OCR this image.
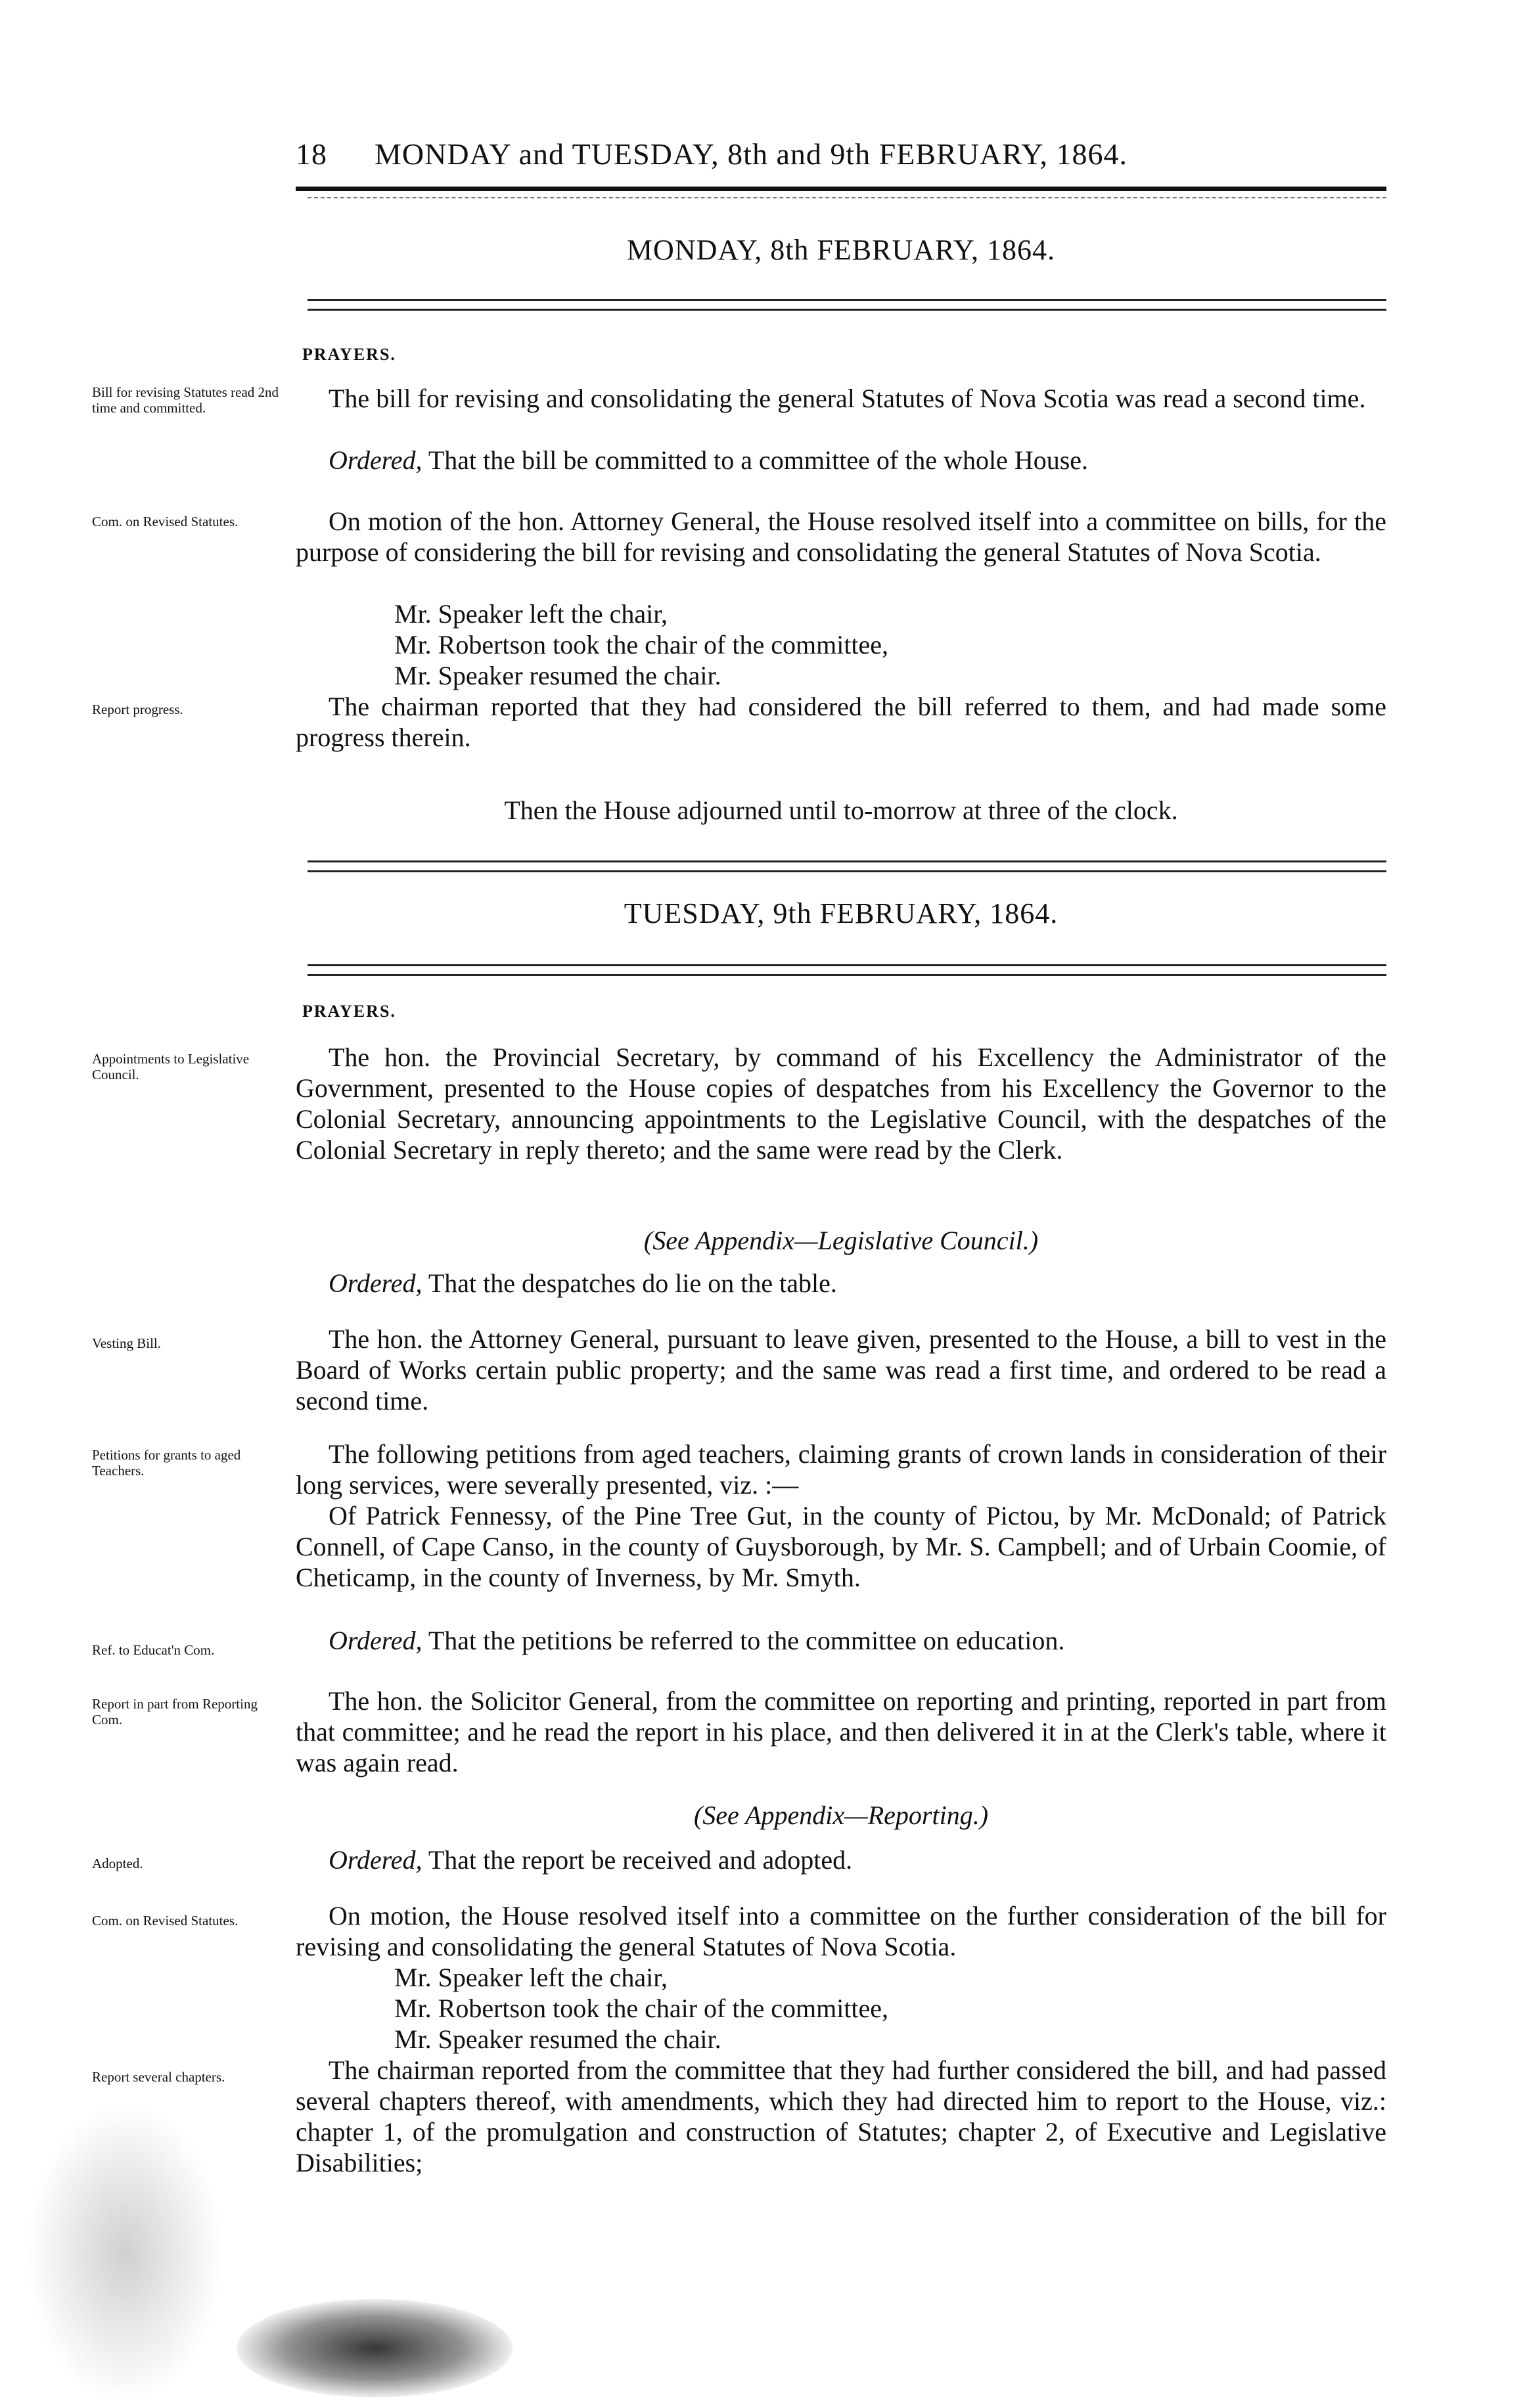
18 MONDAY and TUESDAY, 8th and 9th FEBRUARY, 1864.
MONDAY, 8th FEBRUARY, 1864.
PRAYERS.
Bill for revising Statutes read 2nd time and committed.	The bill for revising and consolidating the general Statutes of Nova Scotia was read a second time.
Ordered, That the bill be committed to a committee of the whole House.
Com. on Revised Statutes.	On motion of the hon. Attorney General, the House resolved itself into a committee on bills, for the purpose of considering the bill for revising and consolidating the general Statutes of Nova Scotia.
Mr. Speaker left the chair,
Mr. Robertson took the chair of the committee,
Mr. Speaker resumed the chair.
Report progress.	The chairman reported that they had considered the bill referred to them, and had made some progress therein.
Then the House adjourned until to-morrow at three of the clock.
TUESDAY, 9th FEBRUARY, 1864.
PRAYERS.
Appointments to Legislative Council.
The hon. the Provincial Secretary, by command of his Excellency the Administrator of the Government, presented to the House copies of despatches from his Excellency the Governor to the Colonial Secretary, announcing appointments to the Legislative Council, with the despatches of the Colonial Secretary in reply thereto; and the same were read by the Clerk.
(See Appendix—Legislative Council.)
Ordered, That the despatches do lie on the table.
Vesting Bill.	The hon. the Attorney General, pursuant to leave given, presented to the House, a bill to vest in the Board of Works certain public property; and the same was read a first time, and ordered to be read a second time.
Petitions for grants to aged Teachers.
The following petitions from aged teachers, claiming grants of crown lands in consideration of their long services, were severally presented, viz. :—
Of Patrick Fennessy, of the Pine Tree Gut, in the county of Pictou, by Mr. McDonald; of Patrick Connell, of Cape Canso, in the county of Guysborough, by Mr. S. Campbell; and of Urbain Coomie, of Cheticamp, in the county of Inverness, by Mr. Smyth.
Ref. to Educat'n Com.	Ordered, That the petitions be referred to the committee on education.
Report in part from Reporting Com.
The hon. the Solicitor General, from the committee on reporting and printing, reported in part from that committee; and he read the report in his place, and then delivered it in at the Clerk's table, where it was again read.
(See Appendix—Reporting.)
Adopted.	Ordered, That the report be received and adopted.
Com. on Revised Statutes.	On motion, the House resolved itself into a committee on the further consideration of the bill for revising and consolidating the general Statutes of Nova Scotia.
Mr. Speaker left the chair,
Mr. Robertson took the chair of the committee,
Mr. Speaker resumed the chair.
Report several chapters.	The chairman reported from the committee that they had further considered the bill, and had passed several chapters thereof, with amendments, which they had directed him to report to the House, viz.: chapter 1, of the promulgation and construction of Statutes; chapter 2, of Executive and Legislative Disabilities;
